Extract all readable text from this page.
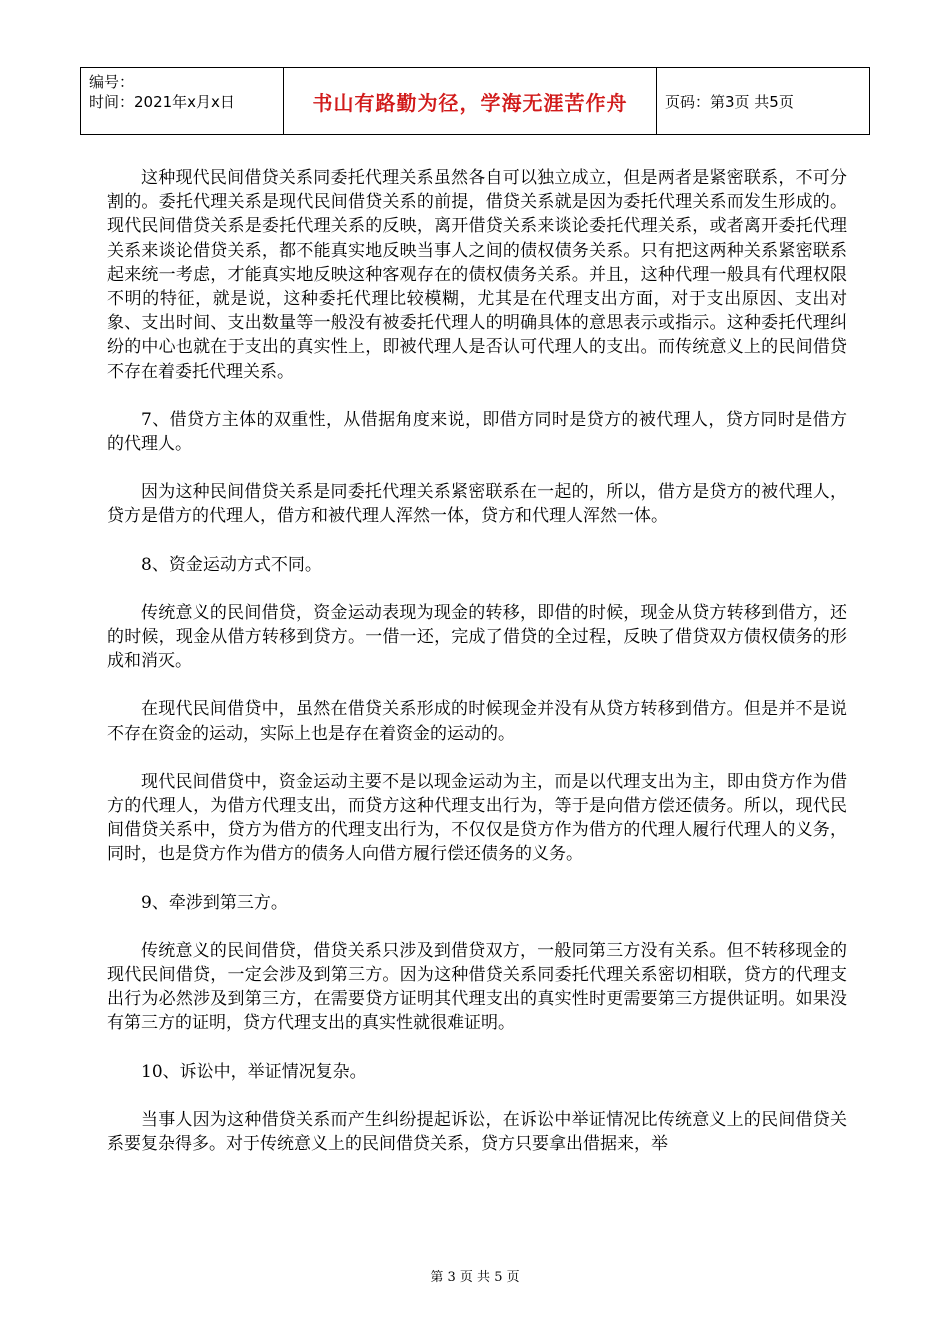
编号：
时间：2021年x月x日	书山有路勤为径，学海无涯苦作舟	页码：第3页 共5页

这种现代民间借贷关系同委托代理关系虽然各自可以独立成立，但是两者是紧密联系，不可分割的。委托代理关系是现代民间借贷关系的前提，借贷关系就是因为委托代理关系而发生形成的。现代民间借贷关系是委托代理关系的反映，离开借贷关系来谈论委托代理关系，或者离开委托代理关系来谈论借贷关系，都不能真实地反映当事人之间的债权债务关系。只有把这两种关系紧密联系起来统一考虑，才能真实地反映这种客观存在的债权债务关系。并且，这种代理一般具有代理权限不明的特征，就是说，这种委托代理比较模糊，尤其是在代理支出方面，对于支出原因、支出对象、支出时间、支出数量等一般没有被委托代理人的明确具体的意思表示或指示。这种委托代理纠纷的中心也就在于支出的真实性上，即被代理人是否认可代理人的支出。而传统意义上的民间借贷不存在着委托代理关系。

7、借贷方主体的双重性，从借据角度来说，即借方同时是贷方的被代理人，贷方同时是借方的代理人。

因为这种民间借贷关系是同委托代理关系紧密联系在一起的，所以，借方是贷方的被代理人，贷方是借方的代理人，借方和被代理人浑然一体，贷方和代理人浑然一体。

8、资金运动方式不同。

传统意义的民间借贷，资金运动表现为现金的转移，即借的时候，现金从贷方转移到借方，还的时候，现金从借方转移到贷方。一借一还，完成了借贷的全过程，反映了借贷双方债权债务的形成和消灭。

在现代民间借贷中，虽然在借贷关系形成的时候现金并没有从贷方转移到借方。但是并不是说不存在资金的运动，实际上也是存在着资金的运动的。

现代民间借贷中，资金运动主要不是以现金运动为主，而是以代理支出为主，即由贷方作为借方的代理人，为借方代理支出，而贷方这种代理支出行为，等于是向借方偿还债务。所以，现代民间借贷关系中，贷方为借方的代理支出行为，不仅仅是贷方作为借方的代理人履行代理人的义务，同时，也是贷方作为借方的债务人向借方履行偿还债务的义务。

9、牵涉到第三方。

传统意义的民间借贷，借贷关系只涉及到借贷双方，一般同第三方没有关系。但不转移现金的现代民间借贷，一定会涉及到第三方。因为这种借贷关系同委托代理关系密切相联，贷方的代理支出行为必然涉及到第三方，在需要贷方证明其代理支出的真实性时更需要第三方提供证明。如果没有第三方的证明，贷方代理支出的真实性就很难证明。

10、诉讼中，举证情况复杂。

当事人因为这种借贷关系而产生纠纷提起诉讼，在诉讼中举证情况比传统意义上的民间借贷关系要复杂得多。对于传统意义上的民间借贷关系，贷方只要拿出借据来，举

第 3 页 共 5 页
